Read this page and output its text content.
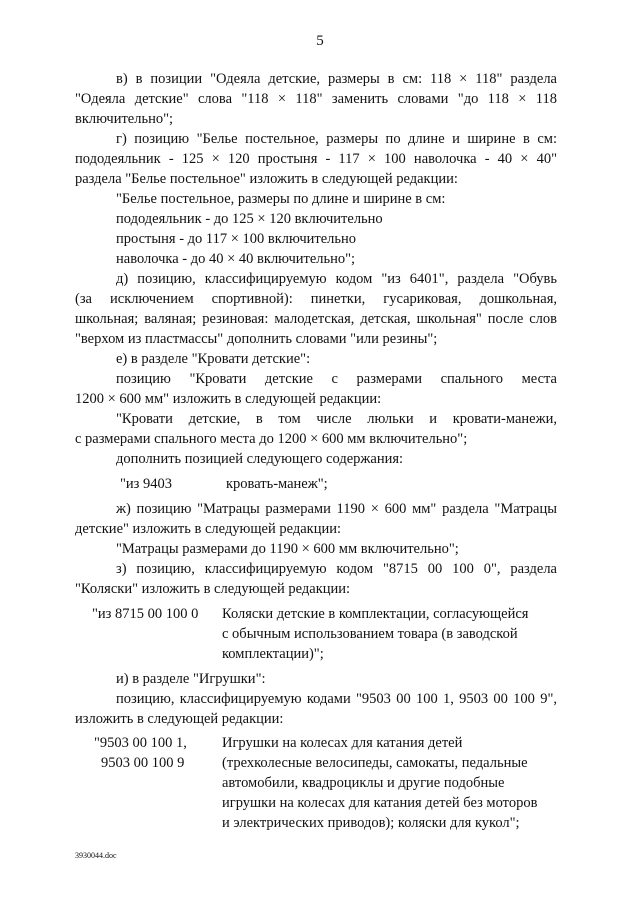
5
в) в позиции "Одеяла детские, размеры в см: 118 × 118" раздела
"Одеяла детские" слова "118 × 118" заменить словами "до 118 × 118
включительно";
г) позицию "Белье постельное, размеры по длине и ширине в см:
пододеяльник - 125 × 120 простыня - 117 × 100 наволочка - 40 × 40"
раздела "Белье постельное" изложить в следующей редакции:
"Белье постельное, размеры по длине и ширине в см:
пододеяльник - до 125 × 120 включительно
простыня - до 117 × 100 включительно
наволочка - до 40 × 40 включительно";
д) позицию, классифицируемую кодом "из 6401", раздела "Обувь
(за исключением спортивной): пинетки, гусариковая, дошкольная,
школьная; валяная; резиновая: малодетская, детская, школьная" после слов
"верхом из пластмассы" дополнить словами "или резины";
е) в разделе "Кровати детские":
позицию "Кровати детские с размерами спального места
1200 × 600 мм" изложить в следующей редакции:
"Кровати детские, в том числе люльки и кровати-манежи,
с размерами спального места до 1200 × 600 мм включительно";
дополнить позицией следующего содержания:
"из 9403	кровать-манеж";
ж) позицию "Матрацы размерами 1190 × 600 мм" раздела "Матрацы
детские" изложить в следующей редакции:
"Матрацы размерами до 1190 × 600 мм включительно";
з) позицию, классифицируемую кодом "8715 00 100 0", раздела
"Коляски" изложить в следующей редакции:
"из 8715 00 100 0 Коляски детские в комплектации, согласующейся
с обычным использованием товара (в заводской
комплектации)";
и) в разделе "Игрушки":
позицию, классифицируемую кодами "9503 00 100 1, 9503 00 100 9",
изложить в следующей редакции:
"9503 00 100 1,
9503 00 100 9
Игрушки на колесах для катания детей
(трехколесные велосипеды, самокаты, педальные
автомобили, квадроциклы и другие подобные
игрушки на колесах для катания детей без моторов
и электрических приводов); коляски для кукол";
3930044.doc
